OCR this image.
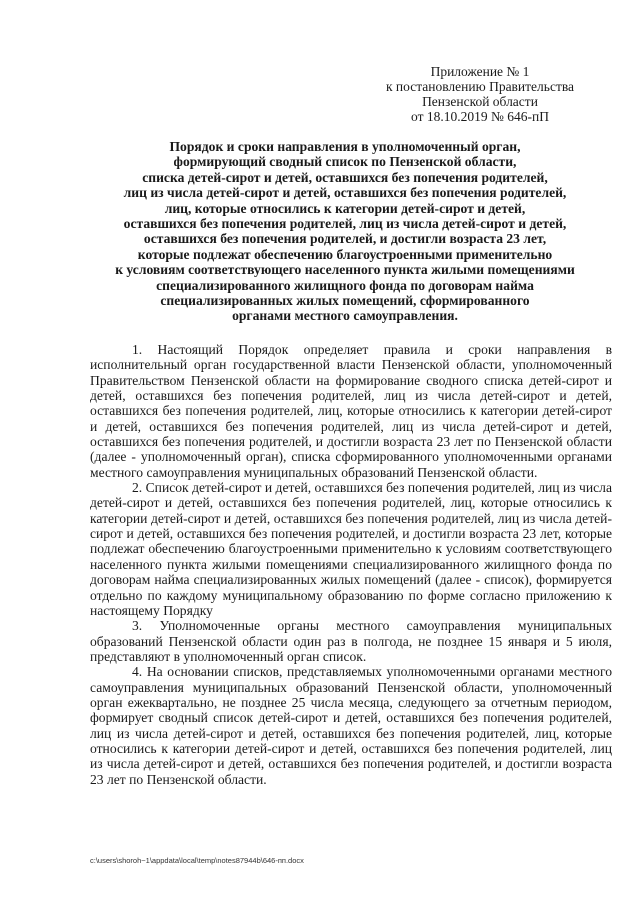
Приложение № 1
к постановлению Правительства
Пензенской области
от 18.10.2019 № 646-пП
Порядок и сроки направления в уполномоченный орган,
формирующий сводный список по Пензенской области,
списка детей-сирот и детей, оставшихся без попечения родителей,
лиц из числа детей-сирот и детей, оставшихся без попечения родителей,
лиц, которые относились к категории детей-сирот и детей,
оставшихся без попечения родителей, лиц из числа детей-сирот и детей,
оставшихся без попечения родителей, и достигли возраста 23 лет,
которые подлежат обеспечению благоустроенными применительно
к условиям соответствующего населенного пункта жилыми помещениями
специализированного жилищного фонда по договорам найма
специализированных жилых помещений, сформированного
органами местного самоуправления.

1. Настоящий Порядок определяет правила и сроки направления в исполнительный орган государственной власти Пензенской области, уполномоченный Правительством Пензенской области на формирование сводного списка детей-сирот и детей, оставшихся без попечения родителей, лиц из числа детей-сирот и детей, оставшихся без попечения родителей, лиц, которые относились к категории детей-сирот и детей, оставшихся без попечения родителей, лиц из числа детей-сирот и детей, оставшихся без попечения родителей, и достигли возраста 23 лет по Пензенской области (далее - уполномоченный орган), списка сформированного уполномоченными органами местного самоуправления муниципальных образований Пензенской области.

2. Список детей-сирот и детей, оставшихся без попечения родителей, лиц из числа детей-сирот и детей, оставшихся без попечения родителей, лиц, которые относились к категории детей-сирот и детей, оставшихся без попечения родителей, лиц из числа детей-сирот и детей, оставшихся без попечения родителей, и достигли возраста 23 лет, которые подлежат обеспечению благоустроенными применительно к условиям соответствующего населенного пункта жилыми помещениями специализированного жилищного фонда по договорам найма специализированных жилых помещений (далее - список), формируется отдельно по каждому муниципальному образованию по форме согласно приложению к настоящему Порядку

3. Уполномоченные органы местного самоуправления муниципальных образований Пензенской области один раз в полгода, не позднее 15 января и 5 июля, представляют в уполномоченный орган список.

4. На основании списков, представляемых уполномоченными органами местного самоуправления муниципальных образований Пензенской области, уполномоченный орган ежеквартально, не позднее 25 числа месяца, следующего за отчетным периодом, формирует сводный список детей-сирот и детей, оставшихся без попечения родителей, лиц из числа детей-сирот и детей, оставшихся без попечения родителей, лиц, которые относились к категории детей-сирот и детей, оставшихся без попечения родителей, лиц из числа детей-сирот и детей, оставшихся без попечения родителей, и достигли возраста 23 лет по Пензенской области.

c:\users\shoroh~1\appdata\local\temp\notes87944b\646-пп.docx
